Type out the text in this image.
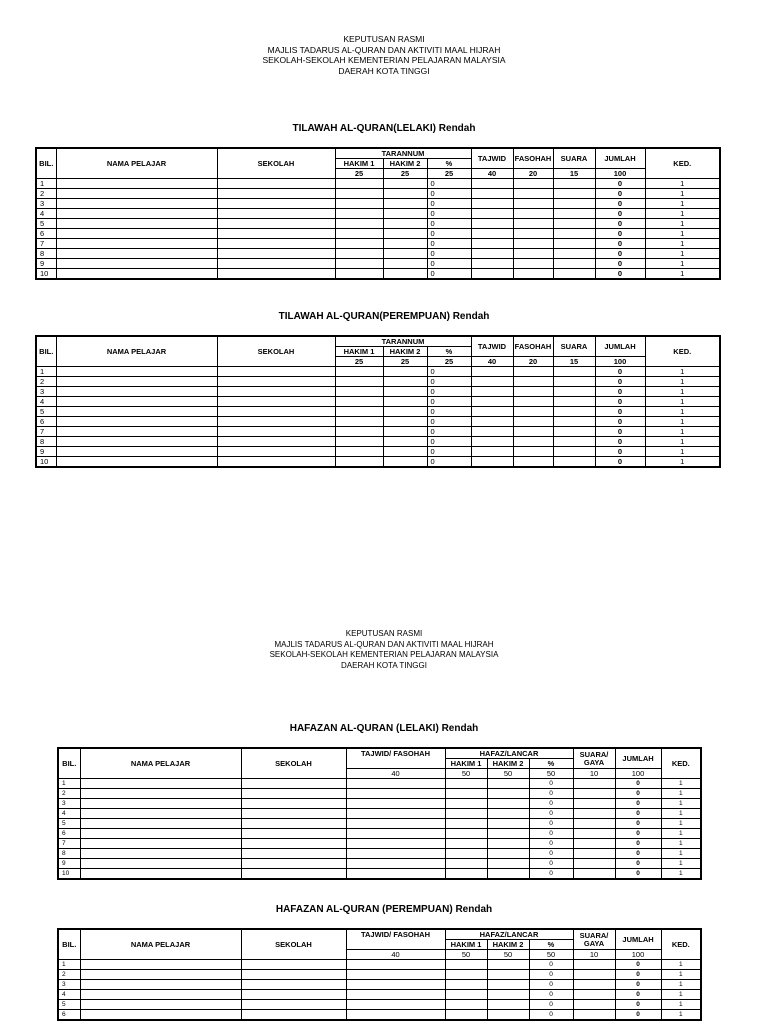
KEPUTUSAN RASMI
MAJLIS TADARUS AL-QURAN DAN AKTIVITI MAAL HIJRAH
SEKOLAH-SEKOLAH KEMENTERIAN PELAJARAN MALAYSIA
DAERAH KOTA TINGGI
TILAWAH AL-QURAN(LELAKI) Rendah
BIL.	NAMA PELAJAR	SEKOLAH	TARANNUM			TAJWID	FASOHAH	SUARA	JUMLAH	KED.
			HAKIM 1	HAKIM 2	%					
			25	25	25	40	20	15	100	
1					0				0	1
2					0				0	1
3					0				0	1
4					0				0	1
5					0				0	1
6					0				0	1
7					0				0	1
8					0				0	1
9					0				0	1
10					0				0	1
TILAWAH AL-QURAN(PEREMPUAN) Rendah
BIL.	NAMA PELAJAR	SEKOLAH	TARANNUM			TAJWID	FASOHAH	SUARA	JUMLAH	KED.
			HAKIM 1	HAKIM 2	%					
			25	25	25	40	20	15	100	
1					0				0	1
2					0				0	1
3					0				0	1
4					0				0	1
5					0				0	1
6					0				0	1
7					0				0	1
8					0				0	1
9					0				0	1
10					0				0	1
KEPUTUSAN RASMI
MAJLIS TADARUS AL-QURAN DAN AKTIVITI MAAL HIJRAH
SEKOLAH-SEKOLAH KEMENTERIAN PELAJARAN MALAYSIA
DAERAH KOTA TINGGI
HAFAZAN AL-QURAN (LELAKI) Rendah
BIL.	NAMA PELAJAR	SEKOLAH	TAJWID/ FASOHAH	HAFAZ/LANCAR			SUARA/ GAYA	JUMLAH	KED.
				HAKIM 1	HAKIM 2	%			
			40	50	50	50	10	100	
1						0		0	1
2						0		0	1
3						0		0	1
4						0		0	1
5						0		0	1
6						0		0	1
7						0		0	1
8						0		0	1
9						0		0	1
10						0		0	1
HAFAZAN AL-QURAN (PEREMPUAN) Rendah
BIL.	NAMA PELAJAR	SEKOLAH	TAJWID/ FASOHAH	HAFAZ/LANCAR			SUARA/ GAYA	JUMLAH	KED.
				HAKIM 1	HAKIM 2	%			
			40	50	50	50	10	100	
1						0		0	1
2						0		0	1
3						0		0	1
4						0		0	1
5						0		0	1
6						0		0	1
